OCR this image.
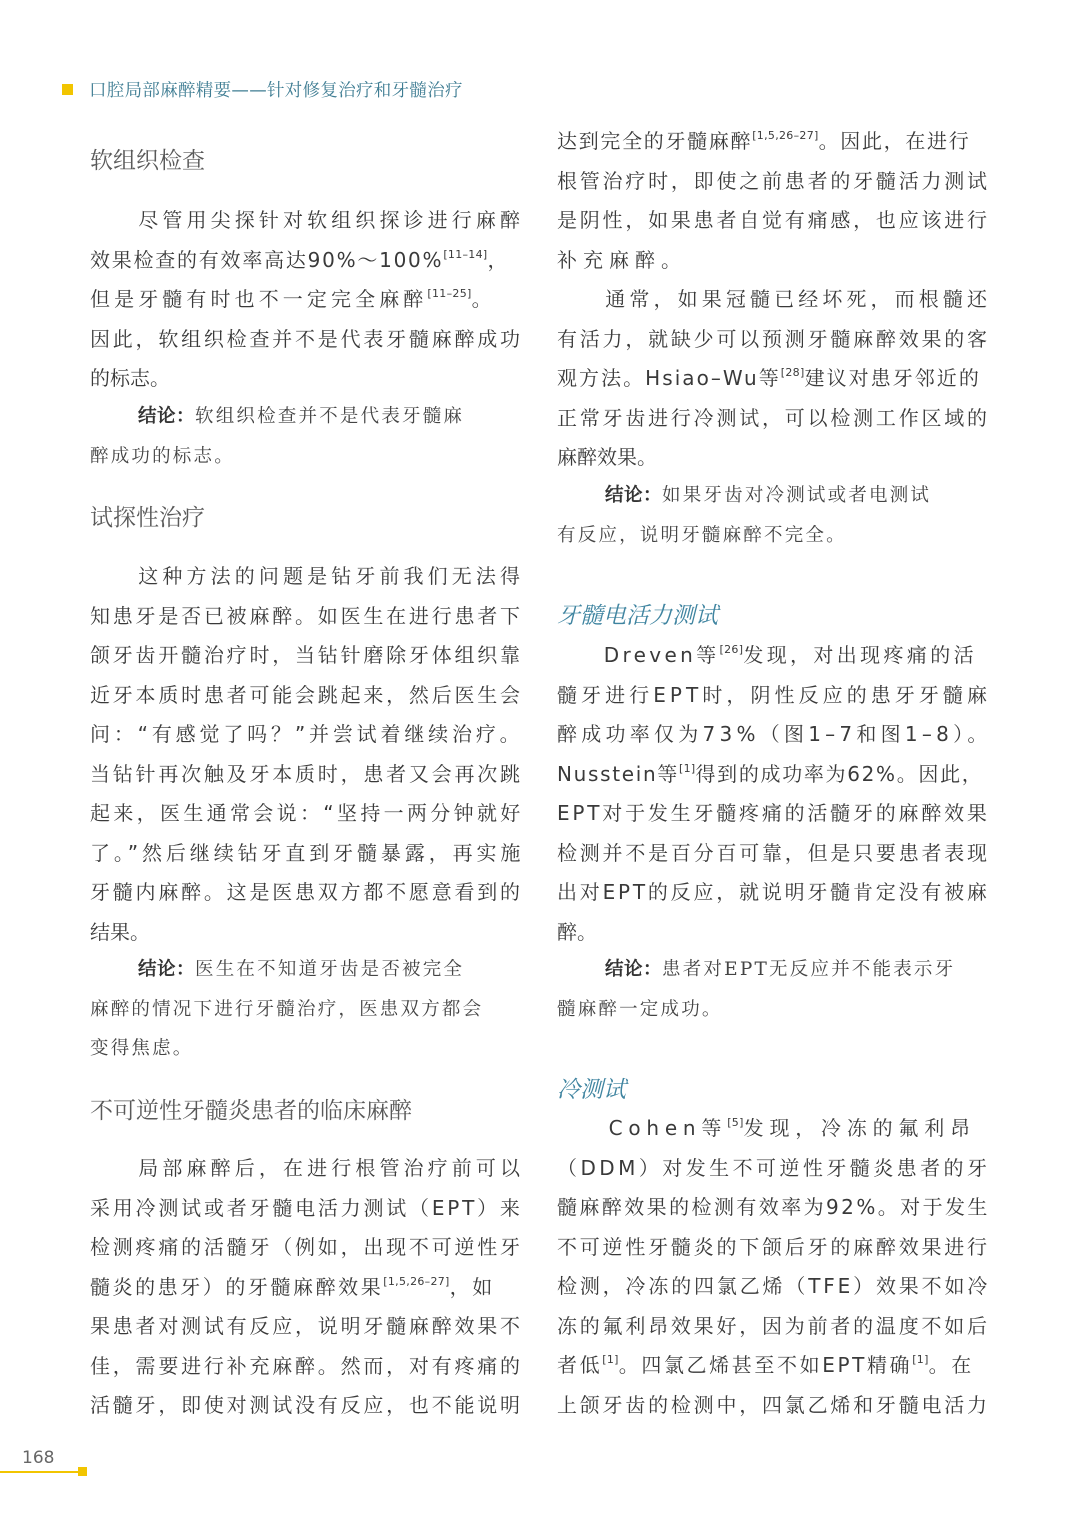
口腔局部麻醉精要——针对修复治疗和牙髓治疗
软组织检查
　　尽管用尖探针对软组织探诊进行麻醉
效果检查的有效率高达90%～100%[11–14]，
但是牙髓有时也不一定完全麻醉[11–25]。
因此，软组织检查并不是代表牙髓麻醉成功
的标志。
结论：软组织检查并不是代表牙髓麻
醉成功的标志。
试探性治疗
　　这种方法的问题是钻牙前我们无法得
知患牙是否已被麻醉。如医生在进行患者下
颌牙齿开髓治疗时，当钻针磨除牙体组织靠
近牙本质时患者可能会跳起来，然后医生会
问：“有感觉了吗？”并尝试着继续治疗。
当钻针再次触及牙本质时，患者又会再次跳
起来，医生通常会说：“坚持一两分钟就好
了。”然后继续钻牙直到牙髓暴露，再实施
牙髓内麻醉。这是医患双方都不愿意看到的
结果。
结论：医生在不知道牙齿是否被完全
麻醉的情况下进行牙髓治疗，医患双方都会
变得焦虑。
不可逆性牙髓炎患者的临床麻醉
　　局部麻醉后，在进行根管治疗前可以
采用冷测试或者牙髓电活力测试（EPT）来
检测疼痛的活髓牙（例如，出现不可逆性牙
髓炎的患牙）的牙髓麻醉效果[1,5,26–27]，如
果患者对测试有反应，说明牙髓麻醉效果不
佳，需要进行补充麻醉。然而，对有疼痛的
活髓牙，即使对测试没有反应，也不能说明
达到完全的牙髓麻醉[1,5,26–27]。因此，在进行
根管治疗时，即使之前患者的牙髓活力测试
是阴性，如果患者自觉有痛感，也应该进行
补充麻醉。
　　通常，如果冠髓已经坏死，而根髓还
有活力，就缺少可以预测牙髓麻醉效果的客
观方法。Hsiao–Wu等[28]建议对患牙邻近的
正常牙齿进行冷测试，可以检测工作区域的
麻醉效果。
结论：如果牙齿对冷测试或者电测试
有反应，说明牙髓麻醉不完全。
牙髓电活力测试
　　Dreven等[26]发现，对出现疼痛的活
髓牙进行EPT时，阴性反应的患牙牙髓麻
醉成功率仅为73%（图1–7和图1–8）。
Nusstein等[1]得到的成功率为62%。因此，
EPT对于发生牙髓疼痛的活髓牙的麻醉效果
检测并不是百分百可靠，但是只要患者表现
出对EPT的反应，就说明牙髓肯定没有被麻
醉。
结论：患者对EPT无反应并不能表示牙
髓麻醉一定成功。
冷测试
　　Cohen等[5]发现，冷冻的氟利昂
（DDM）对发生不可逆性牙髓炎患者的牙
髓麻醉效果的检测有效率为92%。对于发生
不可逆性牙髓炎的下颌后牙的麻醉效果进行
检测，冷冻的四氯乙烯（TFE）效果不如冷
冻的氟利昂效果好，因为前者的温度不如后
者低[1]。四氯乙烯甚至不如EPT精确[1]。在
上颌牙齿的检测中，四氯乙烯和牙髓电活力
168
